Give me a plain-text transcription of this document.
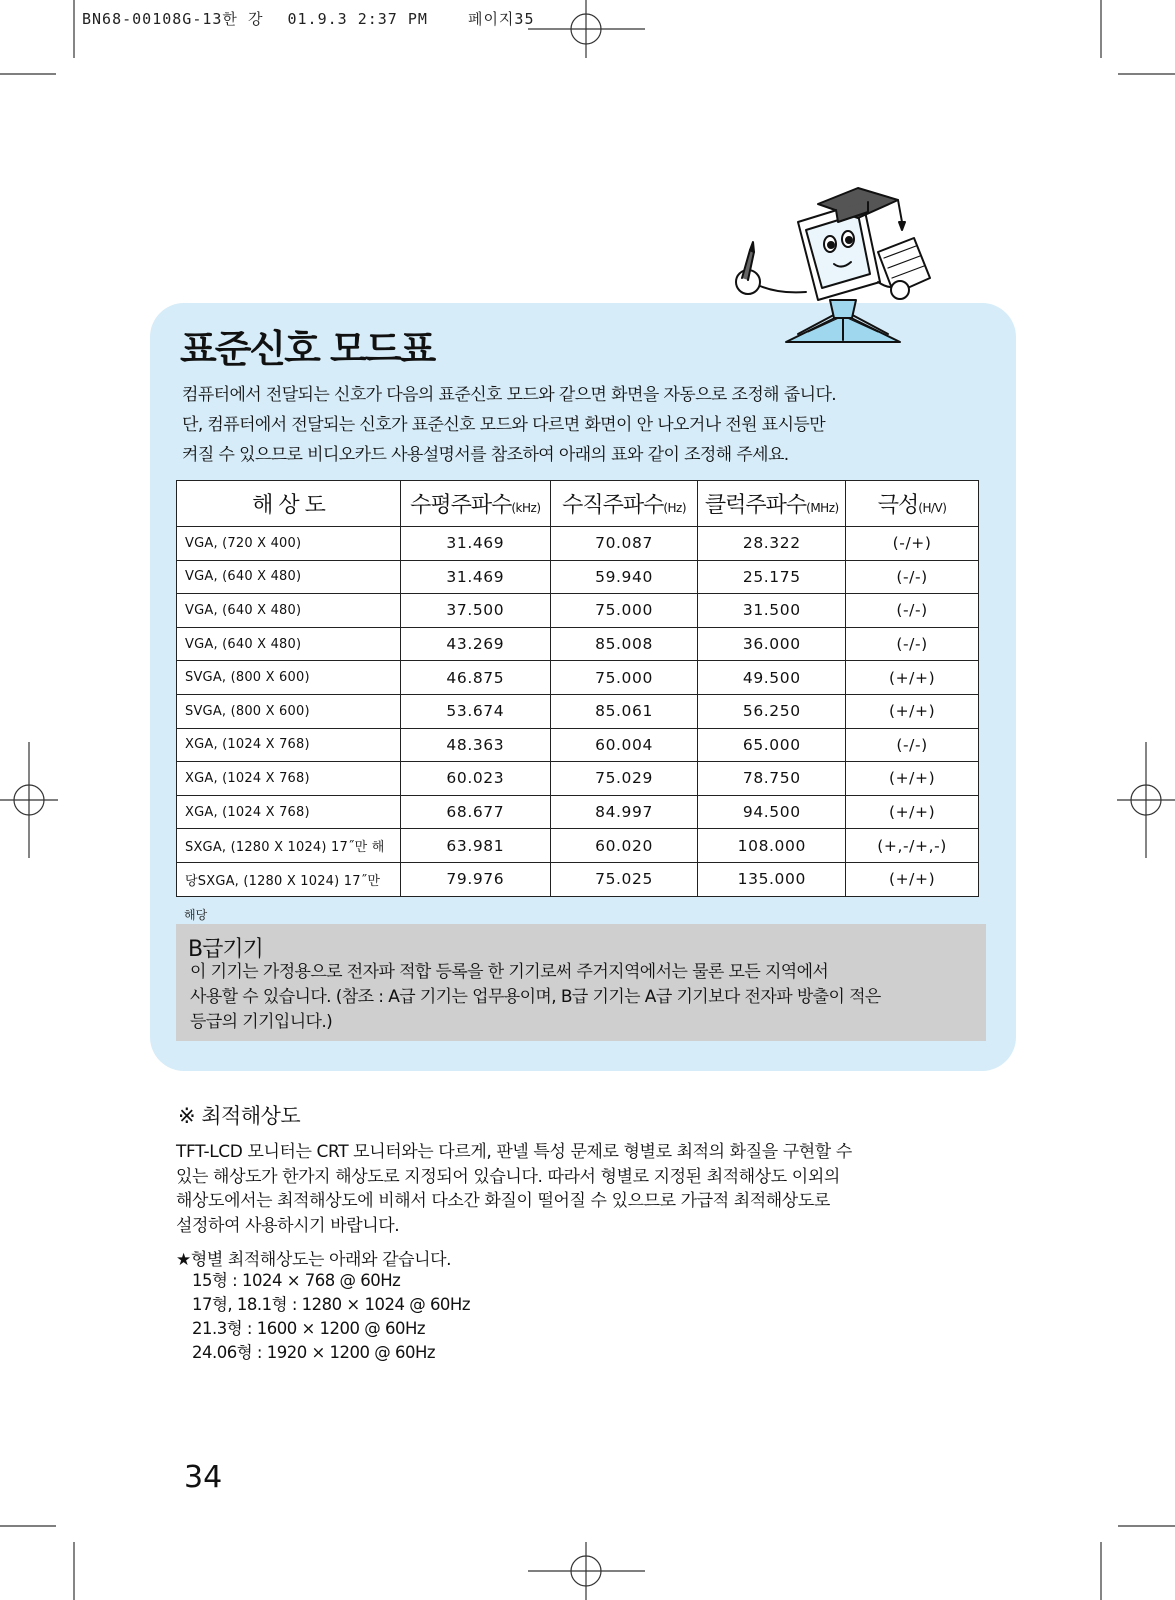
BN68-00108G-13한 강 01.9.3 2:37 PM	페이지35
표준신호 모드표

컴퓨터에서 전달되는 신호가 다음의 표준신호 모드와 같으면 화면을 자동으로 조정해 줍니다.

단, 컴퓨터에서 전달되는 신호가 표준신호 모드와 다르면 화면이 안 나오거나 전원 표시등만

켜질 수 있으므로 비디오카드 사용설명서를 참조하여 아래의 표와 같이 조정해 주세요.

해 상 도	수평주파수(kHz)	수직주파수(Hz)	클럭주파수(MHz)	극성(H/V)
VGA, (720 X 400)	31.469	70.087	28.322	(-/+)
VGA, (640 X 480)	31.469	59.940	25.175	(-/-)
VGA, (640 X 480)	37.500	75.000	31.500	(-/-)
VGA, (640 X 480)	43.269	85.008	36.000	(-/-)
SVGA, (800 X 600)	46.875	75.000	49.500	(+/+)
SVGA, (800 X 600)	53.674	85.061	56.250	(+/+)
XGA, (1024 X 768)	48.363	60.004	65.000	(-/-)
XGA, (1024 X 768)	60.023	75.029	78.750	(+/+)
XGA, (1024 X 768)	68.677	84.997	94.500	(+/+)
SXGA, (1280 X 1024) 17˝만 해	63.981	60.020	108.000	(+,-/+,-)
당SXGA, (1280 X 1024) 17˝만	79.976	75.025	135.000	(+/+)
해당
B급기기

이 기기는 가정용으로 전자파 적합 등록을 한 기기로써 주거지역에서는 물론 모든 지역에서

사용할 수 있습니다. (참조 : A급 기기는 업무용이며, B급 기기는 A급 기기보다 전자파 방출이 적은

등급의 기기입니다.)

※ 최적해상도

TFT-LCD 모니터는 CRT 모니터와는 다르게, 판넬 특성 문제로 형별로 최적의 화질을 구현할 수

있는 해상도가 한가지 해상도로 지정되어 있습니다. 따라서 형별로 지정된 최적해상도 이외의

해상도에서는 최적해상도에 비해서 다소간 화질이 떨어질 수 있으므로 가급적 최적해상도로

설정하여 사용하시기 바랍니다.

★형별 최적해상도는 아래와 같습니다.

15형 : 1024 × 768 @ 60Hz

17형, 18.1형 : 1280 × 1024 @ 60Hz

21.3형 : 1600 × 1200 @ 60Hz

24.06형 : 1920 × 1200 @ 60Hz

34
